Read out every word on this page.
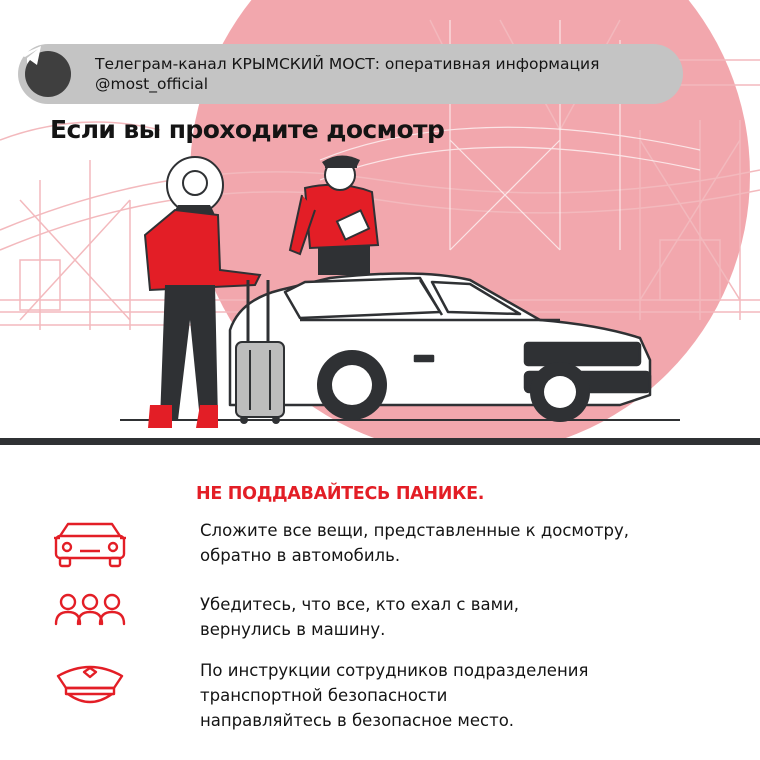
Телеграм-канал КРЫМСКИЙ МОСТ: оперативная информация
@most_official
Если вы проходите досмотр
НЕ ПОДДАВАЙТЕСЬ ПАНИКЕ.
Сложите все вещи, представленные к досмотру,
обратно в автомобиль.
Убедитесь, что все, кто ехал с вами,
вернулись в машину.
По инструкции сотрудников подразделения
транспортной безопасности
направляйтесь в безопасное место.
